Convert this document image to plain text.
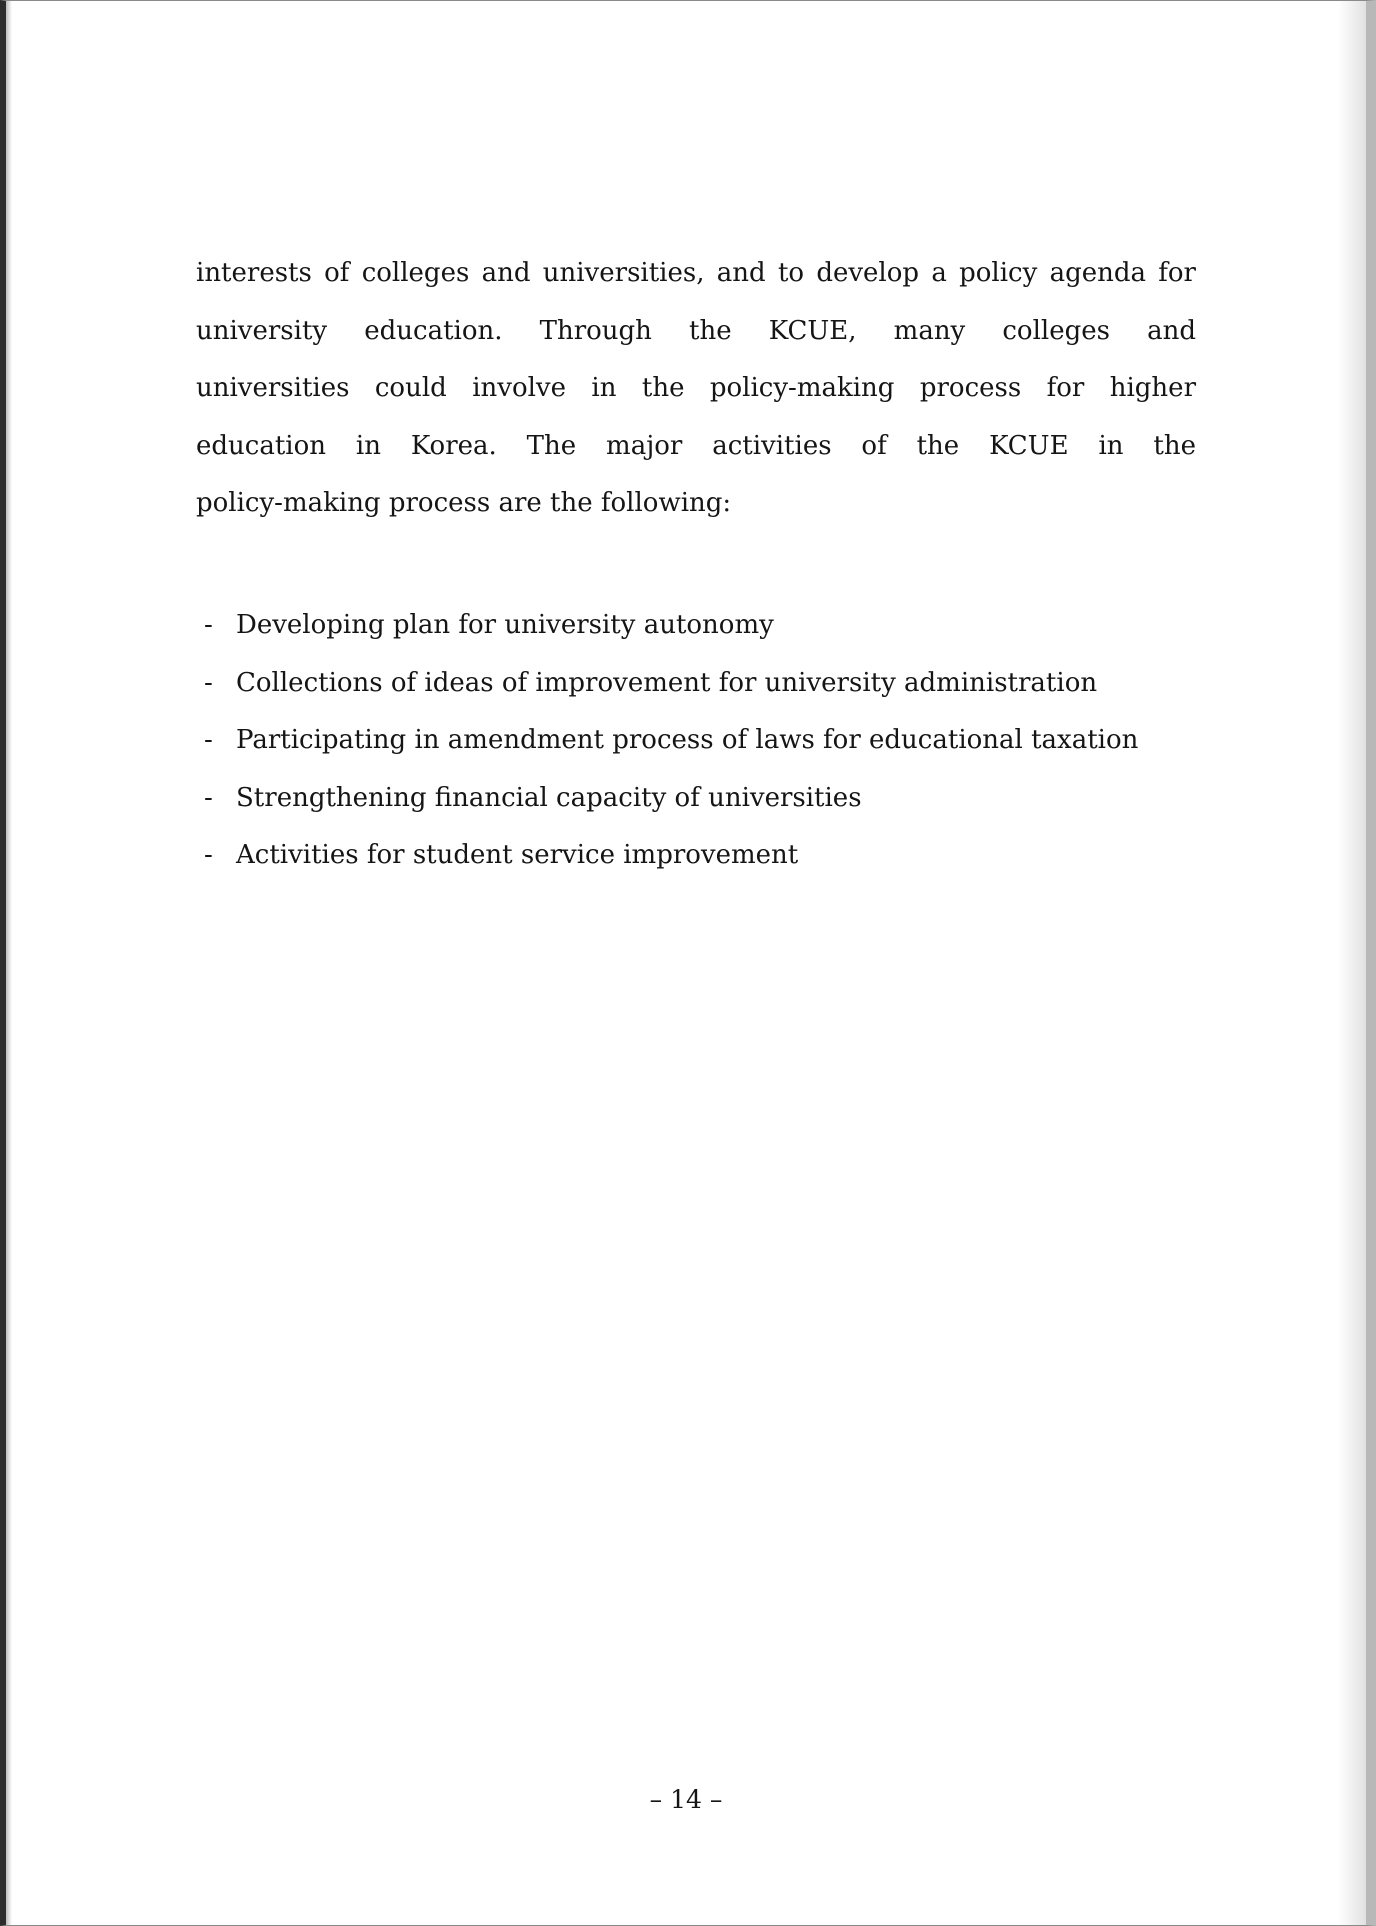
interests of colleges and universities, and to develop a policy agenda for

university education. Through the KCUE, many colleges and

universities could involve in the policy-making process for higher

education in Korea. The major activities of the KCUE in the

policy-making process are the following:

- Developing plan for university autonomy
- Collections of ideas of improvement for university administration
- Participating in amendment process of laws for educational taxation
- Strengthening financial capacity of universities
- Activities for student service improvement
– 14 –
